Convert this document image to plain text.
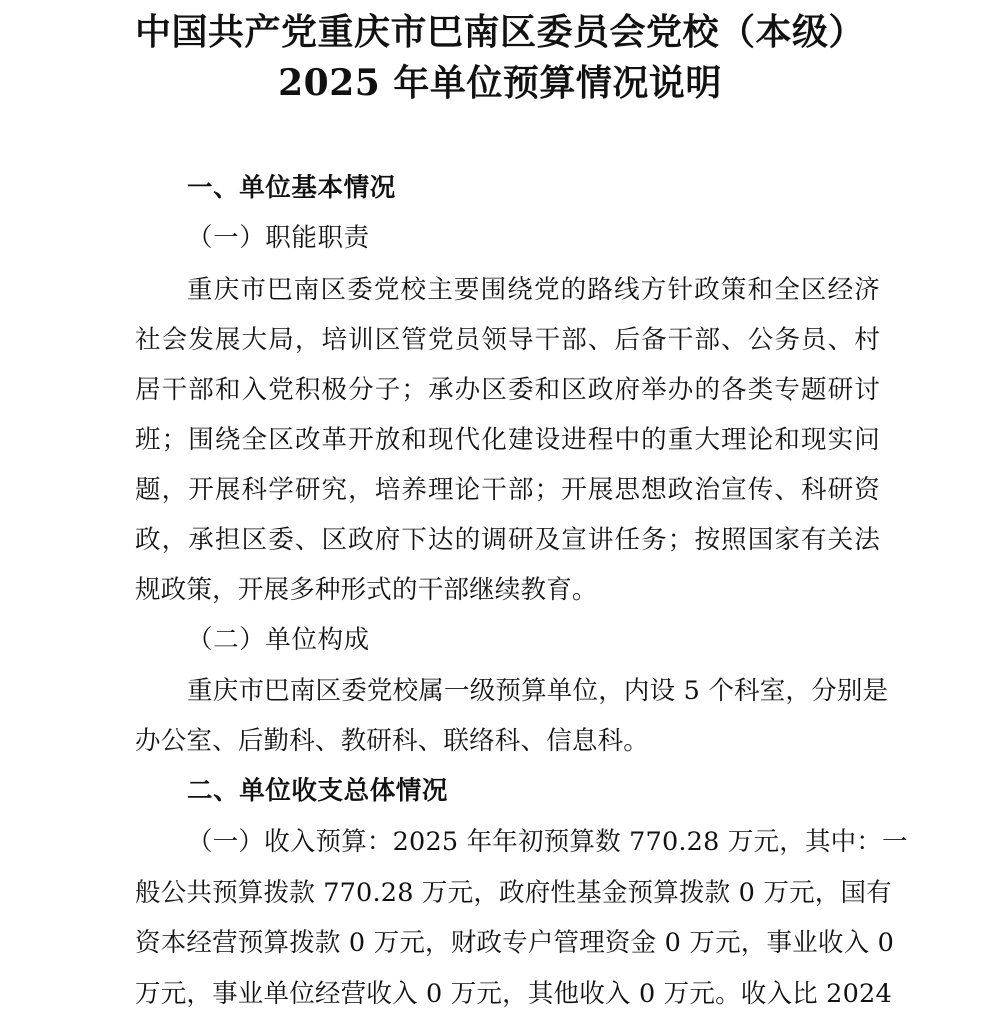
中国共产党重庆市巴南区委员会党校（本级）
2025 年单位预算情况说明
一、单位基本情况
（一）职能职责
重庆市巴南区委党校主要围绕党的路线方针政策和全区经济
社会发展大局，培训区管党员领导干部、后备干部、公务员、村
居干部和入党积极分子；承办区委和区政府举办的各类专题研讨
班；围绕全区改革开放和现代化建设进程中的重大理论和现实问
题，开展科学研究，培养理论干部；开展思想政治宣传、科研资
政，承担区委、区政府下达的调研及宣讲任务；按照国家有关法
规政策，开展多种形式的干部继续教育。
（二）单位构成
重庆市巴南区委党校属一级预算单位，内设 5 个科室，分别是
办公室、后勤科、教研科、联络科、信息科。
二、单位收支总体情况
（一）收入预算：2025 年年初预算数 770.28 万元，其中：一
般公共预算拨款 770.28 万元，政府性基金预算拨款 0 万元，国有
资本经营预算拨款 0 万元，财政专户管理资金 0 万元，事业收入 0
万元，事业单位经营收入 0 万元，其他收入 0 万元。收入比 2024
